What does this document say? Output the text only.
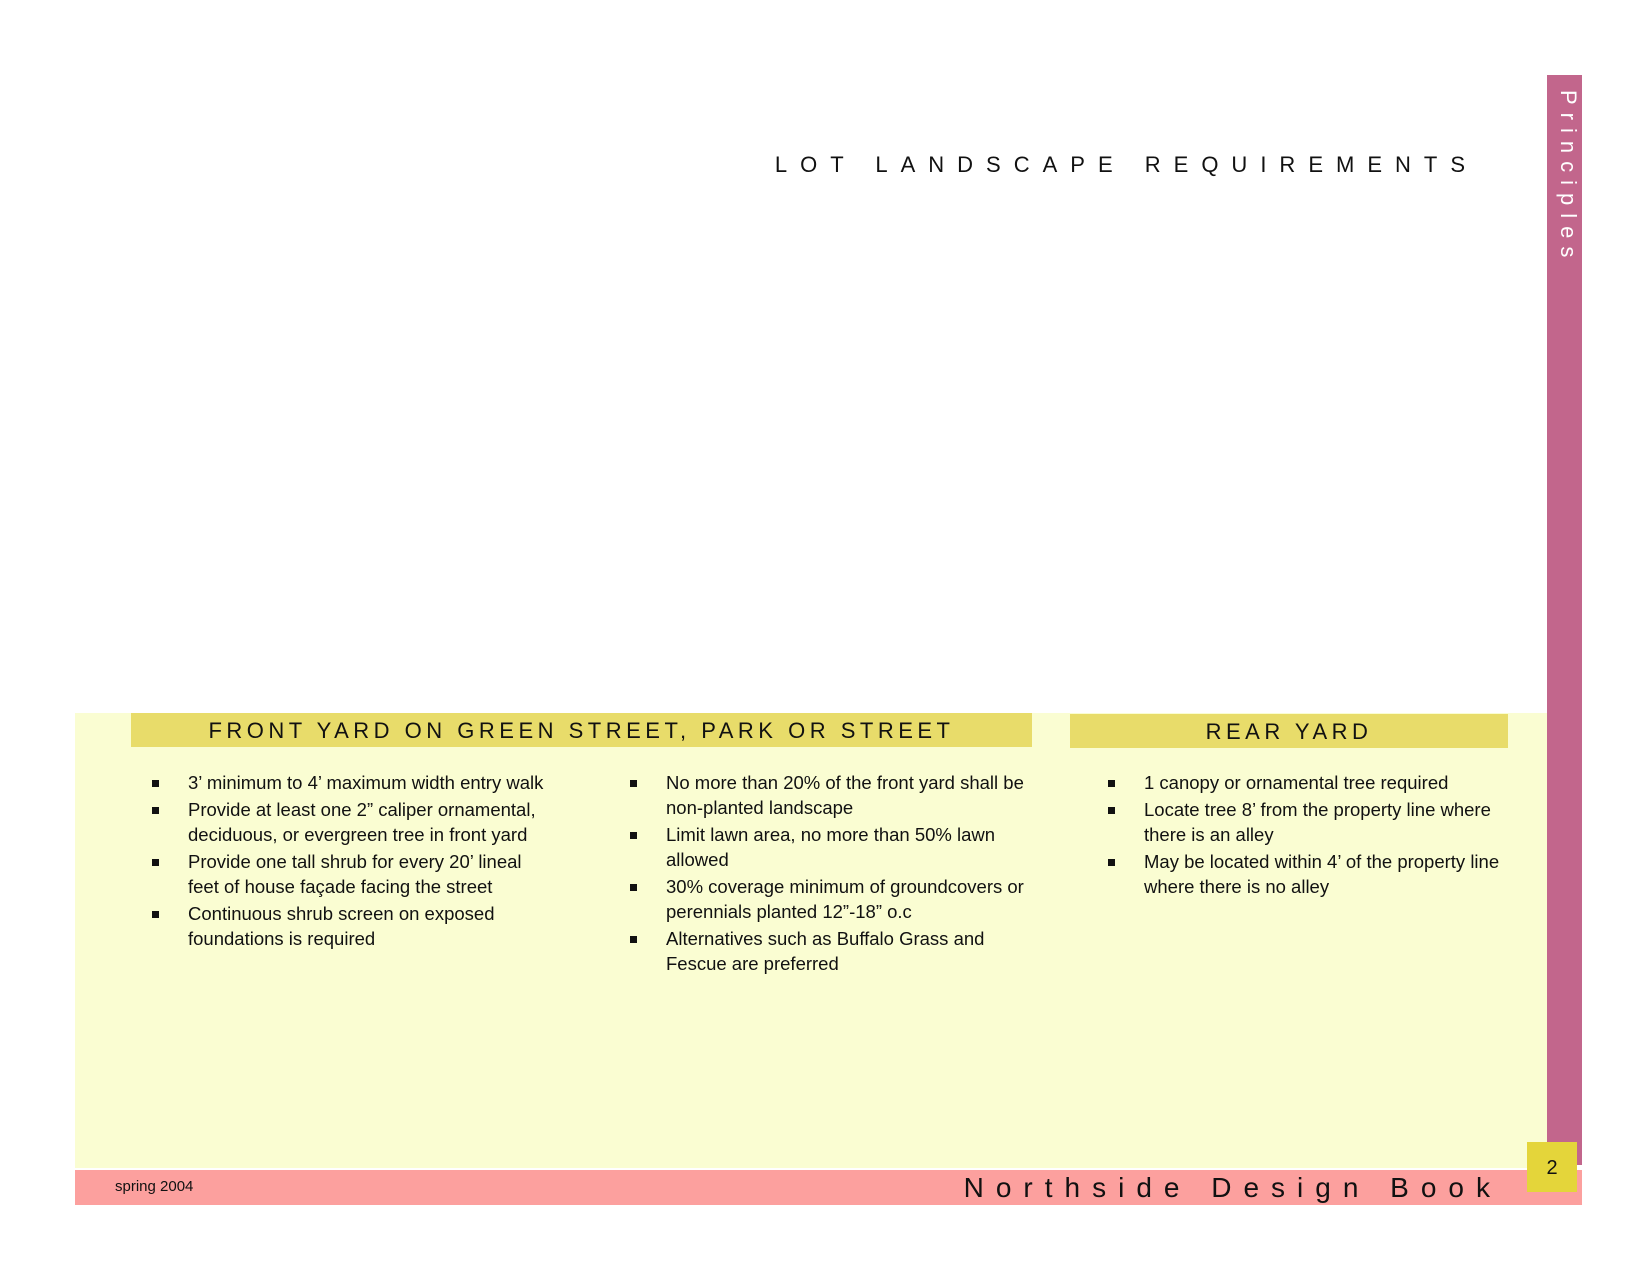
LOT LANDSCAPE REQUIREMENTS	Principles
FRONT YARD ON GREEN STREET, PARK OR STREET	REAR YARD
3’ minimum to 4’ maximum width entry walk
Provide at least one 2” caliper ornamental, deciduous, or evergreen tree in front yard
Provide one tall shrub for every 20’ lineal feet of house façade facing the street
Continuous shrub screen on exposed foundations is required
No more than 20% of the front yard shall be non-planted landscape
Limit lawn area, no more than 50% lawn allowed
30% coverage minimum of groundcovers or perennials planted 12”-18” o.c
Alternatives such as Buffalo Grass and Fescue are preferred
1 canopy or ornamental tree required
Locate tree 8’ from the property line where there is an alley
May be located within 4’ of the property line where there is no alley
spring 2004	Northside Design Book
2
